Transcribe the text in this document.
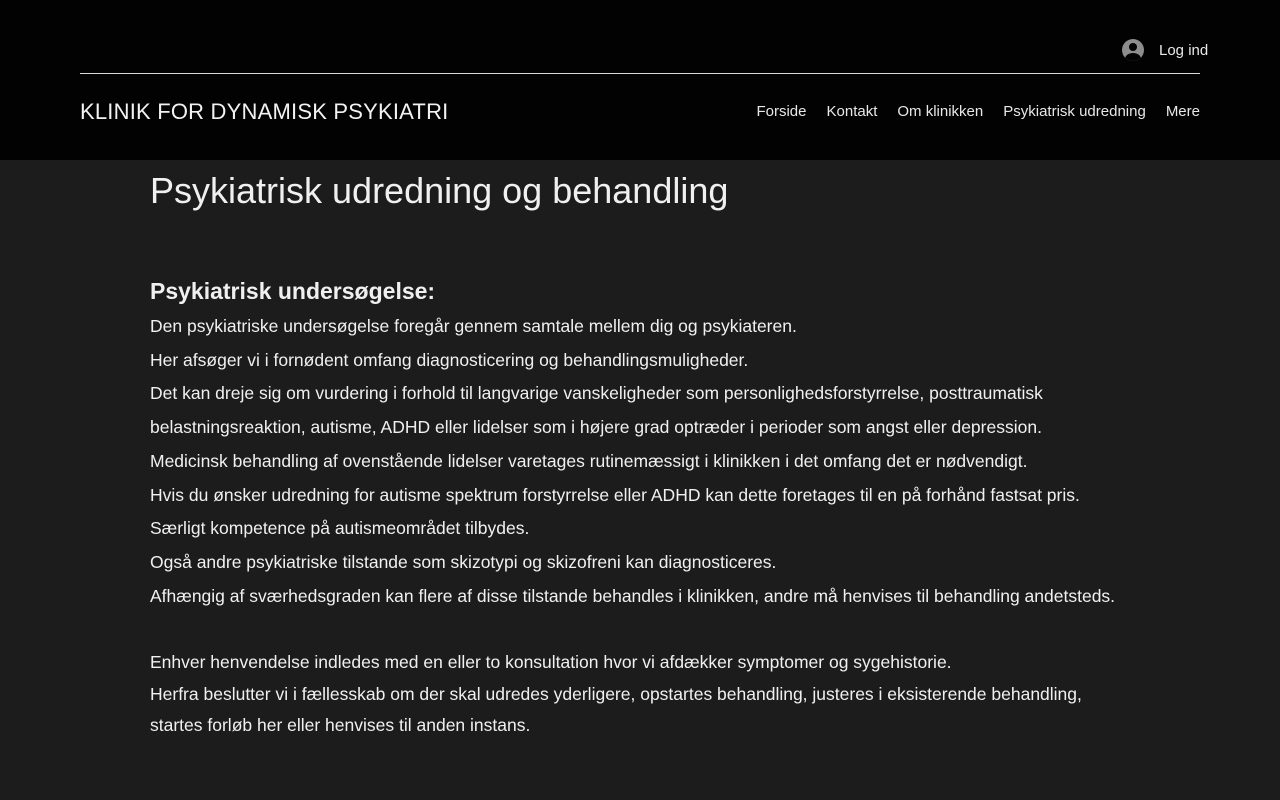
Log ind
KLINIK FOR DYNAMISK PSYKIATRI	Forside Kontakt Om klinikken Psykiatrisk udredning Mere
Psykiatrisk udredning og behandling
Psykiatrisk undersøgelse:

Den psykiatriske undersøgelse foregår gennem samtale mellem dig og psykiateren.

Her afsøger vi i fornødent omfang diagnosticering og behandlingsmuligheder.

Det kan dreje sig om vurdering i forhold til langvarige vanskeligheder som personlighedsforstyrrelse, posttraumatisk belastningsreaktion, autisme, ADHD eller lidelser som i højere grad optræder i perioder som angst eller depression.

Medicinsk behandling af ovenstående lidelser varetages rutinemæssigt i klinikken i det omfang det er nødvendigt.

Hvis du ønsker udredning for autisme spektrum forstyrrelse eller ADHD kan dette foretages til en på forhånd fastsat pris.

Særligt kompetence på autismeområdet tilbydes.

Også andre psykiatriske tilstande som skizotypi og skizofreni kan diagnosticeres.

Afhængig af sværhedsgraden kan flere af disse tilstande behandles i klinikken, andre må henvises til behandling andetsteds.

Enhver henvendelse indledes med en eller to konsultation hvor vi afdækker symptomer og sygehistorie.

Herfra beslutter vi i fællesskab om der skal udredes yderligere, opstartes behandling, justeres i eksisterende behandling, startes forløb her eller henvises til anden instans.
